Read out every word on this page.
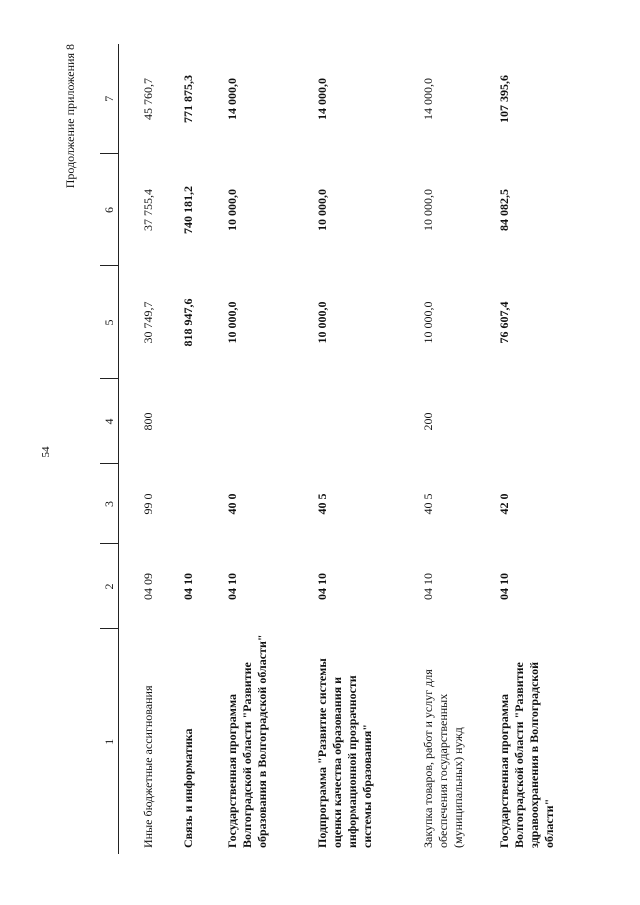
54
Продолжение приложения 8
1	2	3	4	5	6	7
Иные бюджетные ассигнования	04 09	99 0	800	30 749,7	37 755,4	45 760,7
Связь и информатика	04 10			818 947,6	740 181,2	771 875,3
Государственная программа Волгоградской области "Развитие образования в Волгоградской области"	04 10	40 0		10 000,0	10 000,0	14 000,0
Подпрограмма "Развитие системы оценки качества образования и информационной прозрачности системы образования"	04 10	40 5		10 000,0	10 000,0	14 000,0
Закупка товаров, работ и услуг для обеспечения государственных (муниципальных) нужд	04 10	40 5	200	10 000,0	10 000,0	14 000,0
Государственная программа Волгоградской области "Развитие здравоохранения в Волгоградской области"	04 10	42 0		76 607,4	84 082,5	107 395,6
